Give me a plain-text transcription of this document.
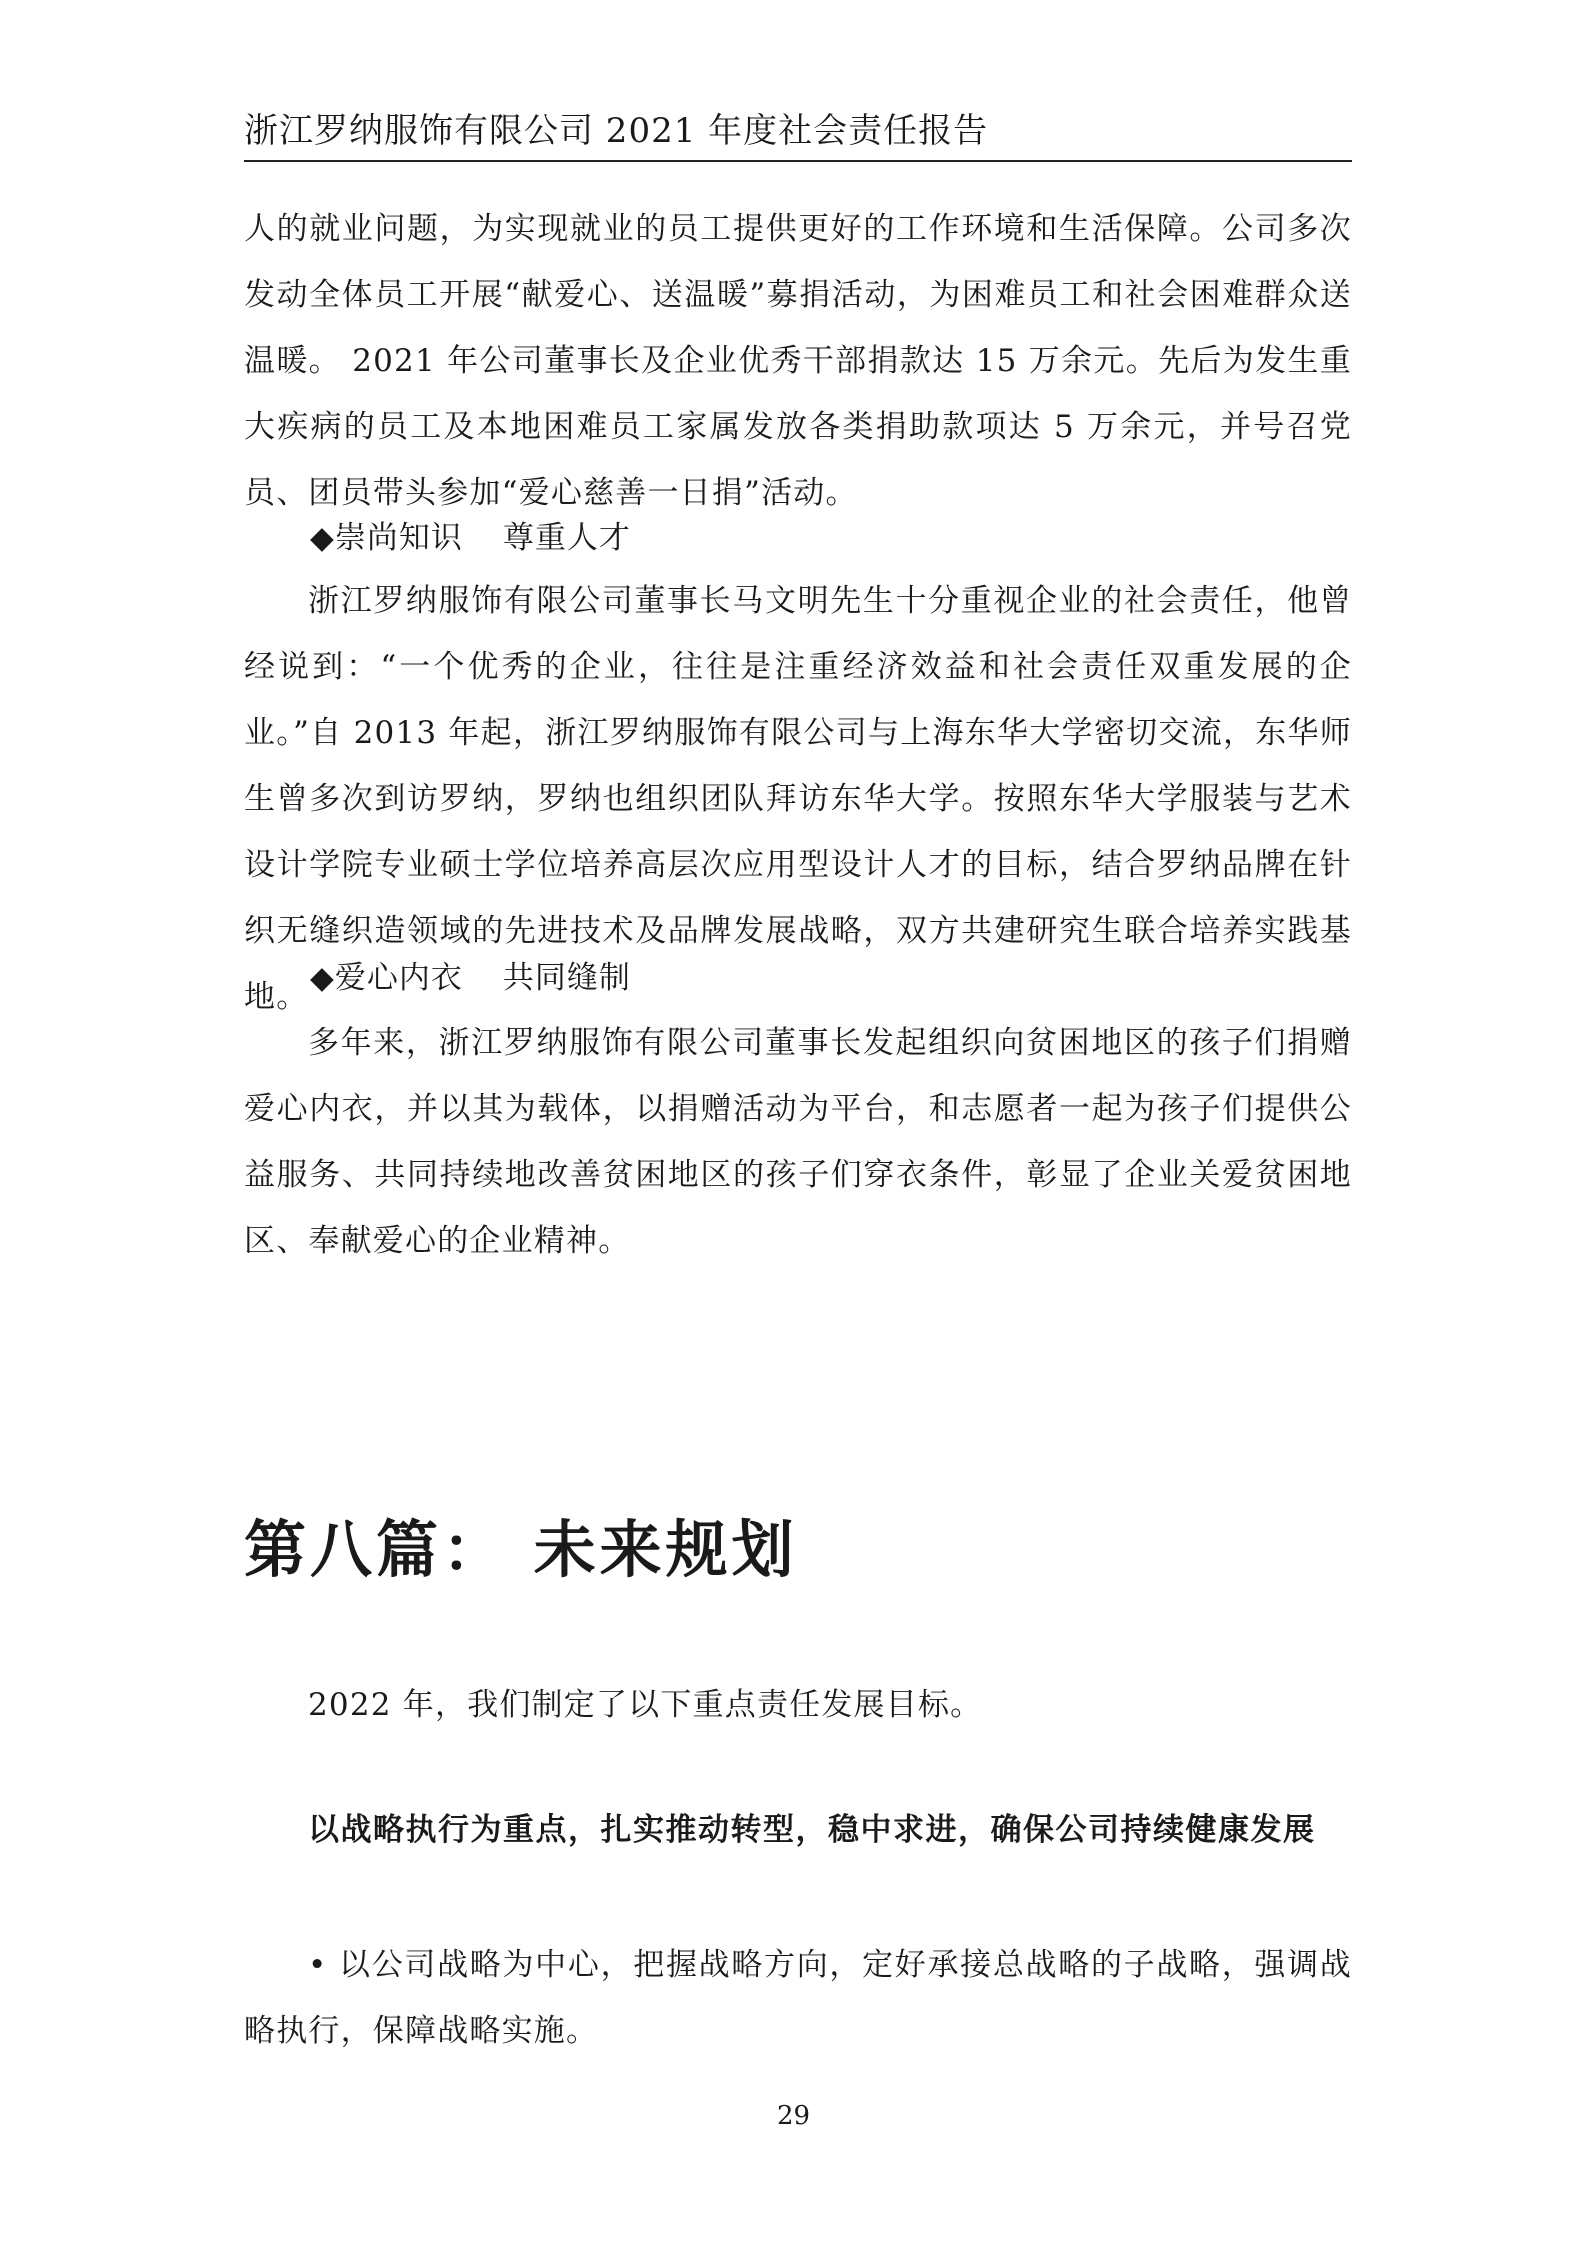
浙江罗纳服饰有限公司 2021 年度社会责任报告

人的就业问题，为实现就业的员工提供更好的工作环境和生活保障。公司多次发动全体员工开展“献爱心、送温暖”募捐活动，为困难员工和社会困难群众送温暖。 2021 年公司董事长及企业优秀干部捐款达 15 万余元。先后为发生重大疾病的员工及本地困难员工家属发放各类捐助款项达 5 万余元，并号召党员、团员带头参加“爱心慈善一日捐”活动。

◆崇尚知识 尊重人才

浙江罗纳服饰有限公司董事长马文明先生十分重视企业的社会责任，他曾经说到：“一个优秀的企业，往往是注重经济效益和社会责任双重发展的企业。”自 2013 年起，浙江罗纳服饰有限公司与上海东华大学密切交流，东华师生曾多次到访罗纳，罗纳也组织团队拜访东华大学。按照东华大学服装与艺术设计学院专业硕士学位培养高层次应用型设计人才的目标，结合罗纳品牌在针织无缝织造领域的先进技术及品牌发展战略，双方共建研究生联合培养实践基地。

◆爱心内衣 共同缝制

多年来，浙江罗纳服饰有限公司董事长发起组织向贫困地区的孩子们捐赠爱心内衣，并以其为载体，以捐赠活动为平台，和志愿者一起为孩子们提供公益服务、共同持续地改善贫困地区的孩子们穿衣条件，彰显了企业关爱贫困地区、奉献爱心的企业精神。

第八篇： 未来规划

2022 年，我们制定了以下重点责任发展目标。

以战略执行为重点，扎实推动转型，稳中求进，确保公司持续健康发展

• 以公司战略为中心，把握战略方向，定好承接总战略的子战略，强调战略执行，保障战略实施。

29
